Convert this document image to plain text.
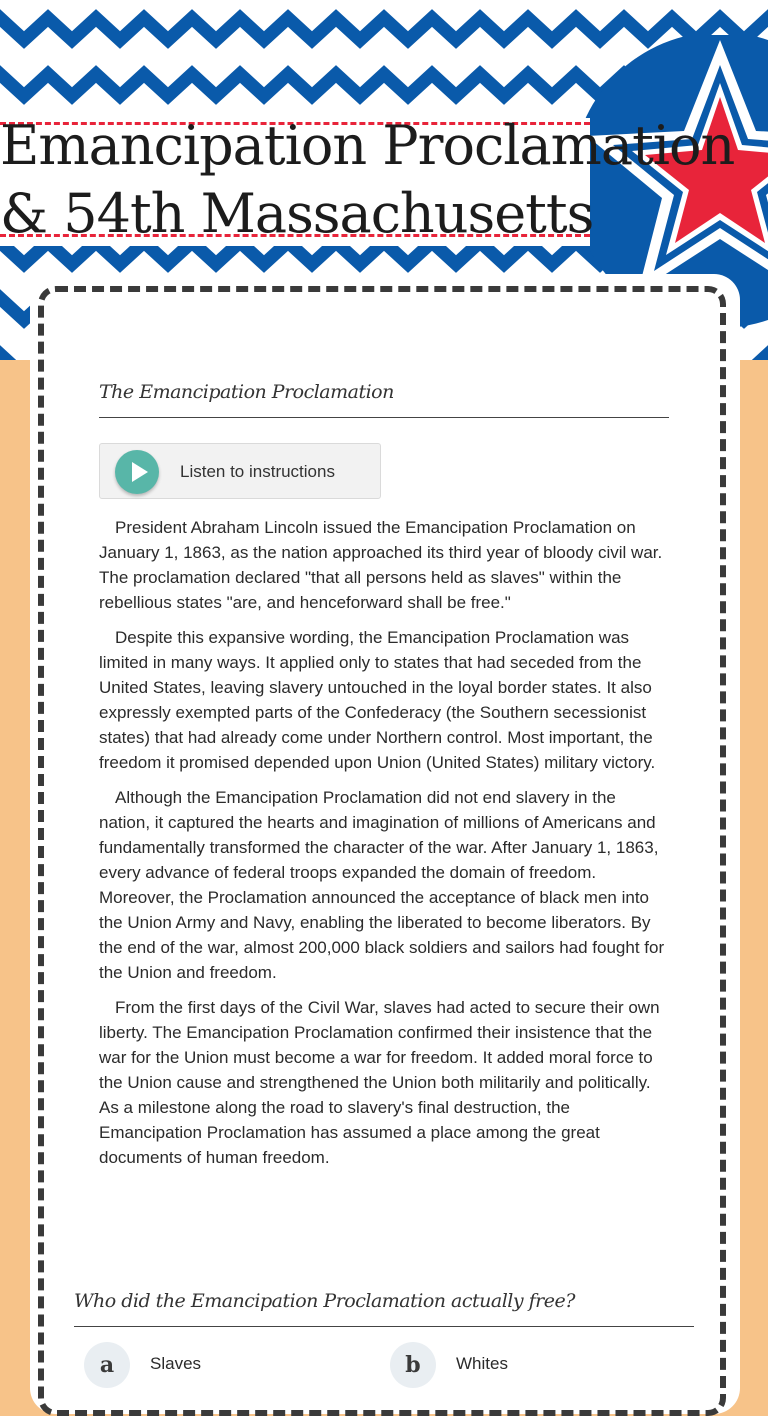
Emancipation Proclamation & 54th Massachusetts
The Emancipation Proclamation
Listen to instructions

President Abraham Lincoln issued the Emancipation Proclamation on January 1, 1863, as the nation approached its third year of bloody civil war. The proclamation declared "that all persons held as slaves" within the rebellious states "are, and henceforward shall be free."

Despite this expansive wording, the Emancipation Proclamation was limited in many ways. It applied only to states that had seceded from the United States, leaving slavery untouched in the loyal border states. It also expressly exempted parts of the Confederacy (the Southern secessionist states) that had already come under Northern control. Most important, the freedom it promised depended upon Union (United States) military victory.

Although the Emancipation Proclamation did not end slavery in the nation, it captured the hearts and imagination of millions of Americans and fundamentally transformed the character of the war. After January 1, 1863, every advance of federal troops expanded the domain of freedom. Moreover, the Proclamation announced the acceptance of black men into the Union Army and Navy, enabling the liberated to become liberators. By the end of the war, almost 200,000 black soldiers and sailors had fought for the Union and freedom.

From the first days of the Civil War, slaves had acted to secure their own liberty. The Emancipation Proclamation confirmed their insistence that the war for the Union must become a war for freedom. It added moral force to the Union cause and strengthened the Union both militarily and politically. As a milestone along the road to slavery's final destruction, the Emancipation Proclamation has assumed a place among the great documents of human freedom.

Who did the Emancipation Proclamation actually free?
a	Slaves	b	Whites
